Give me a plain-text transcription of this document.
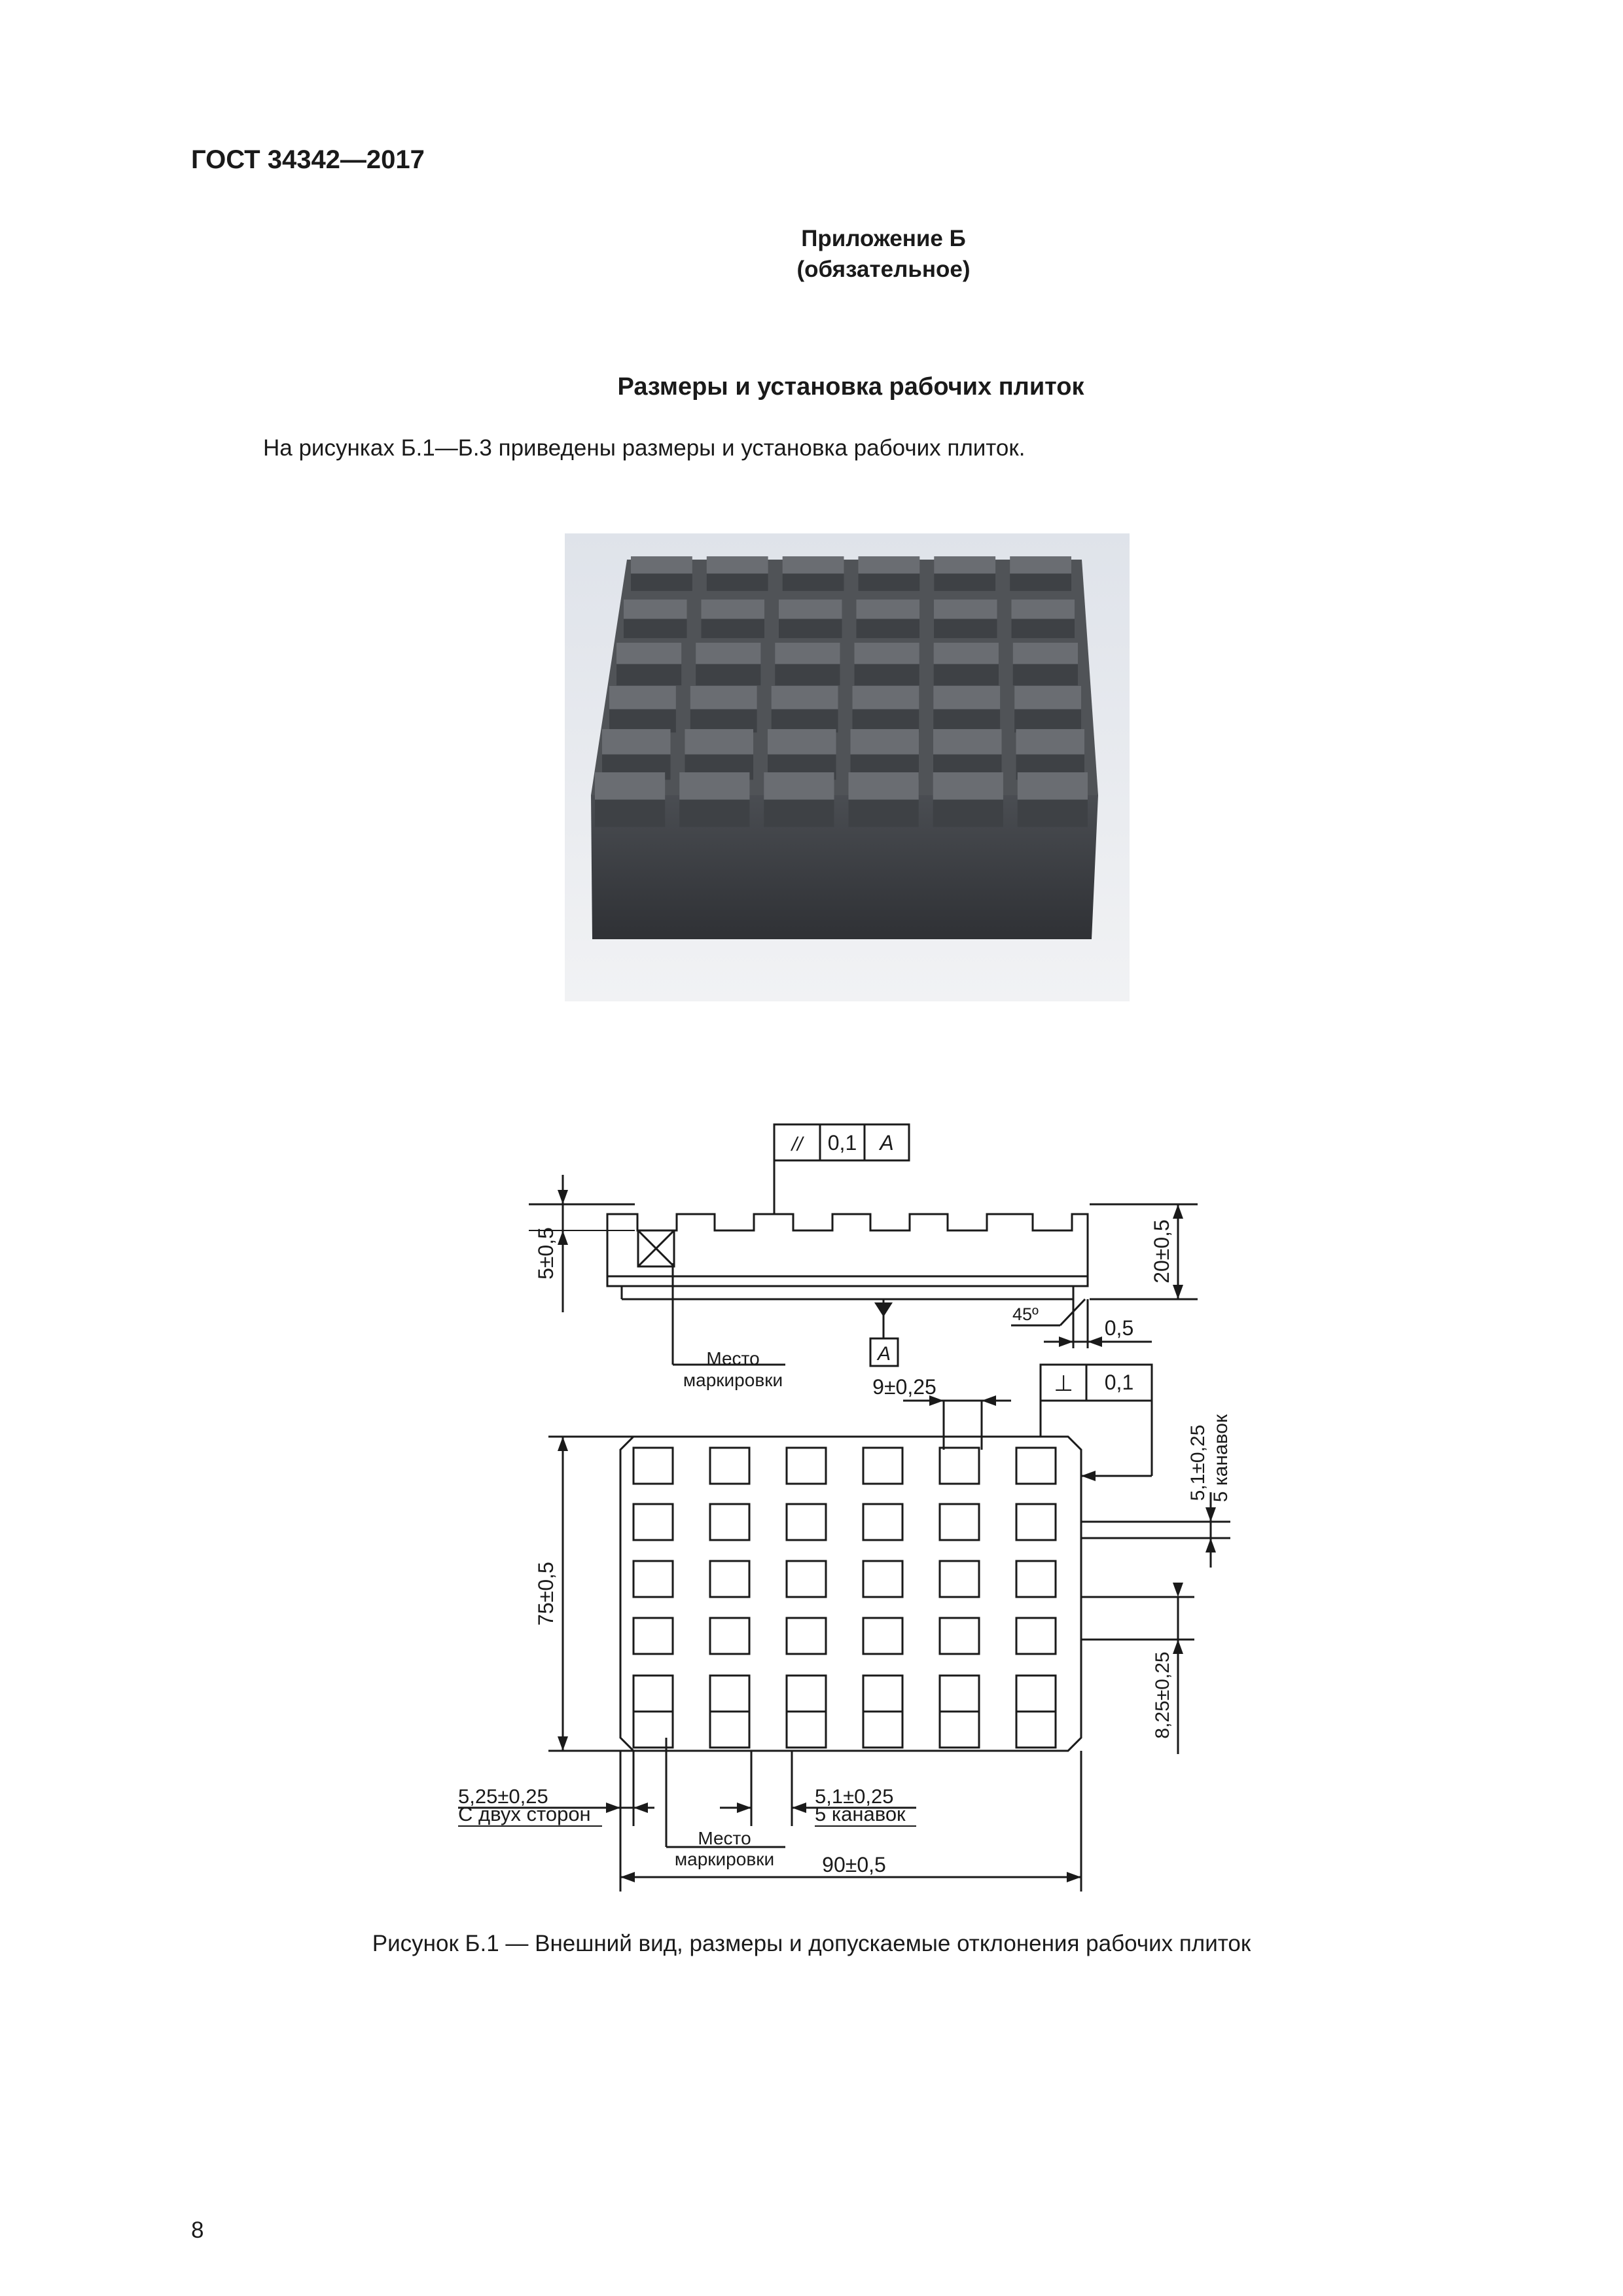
ГОСТ 34342—2017
Приложение Б
(обязательное)
Размеры и установка рабочих плиток
На рисунках Б.1—Б.3 приведены размеры и установка рабочих плиток.
// 0,1 A
A
5±0,5	20±0,5
45º
0,5
Место
маркировки	9±0,25	⊥ 0,1
75±0,5
5,1±0,25 5 канавок
8,25±0,25
5,25±0,25
С двух сторон
5,1±0,25
5 канавок
Место
маркировки 90±0,5
Рисунок Б.1 — Внешний вид, размеры и допускаемые отклонения рабочих плиток
8
